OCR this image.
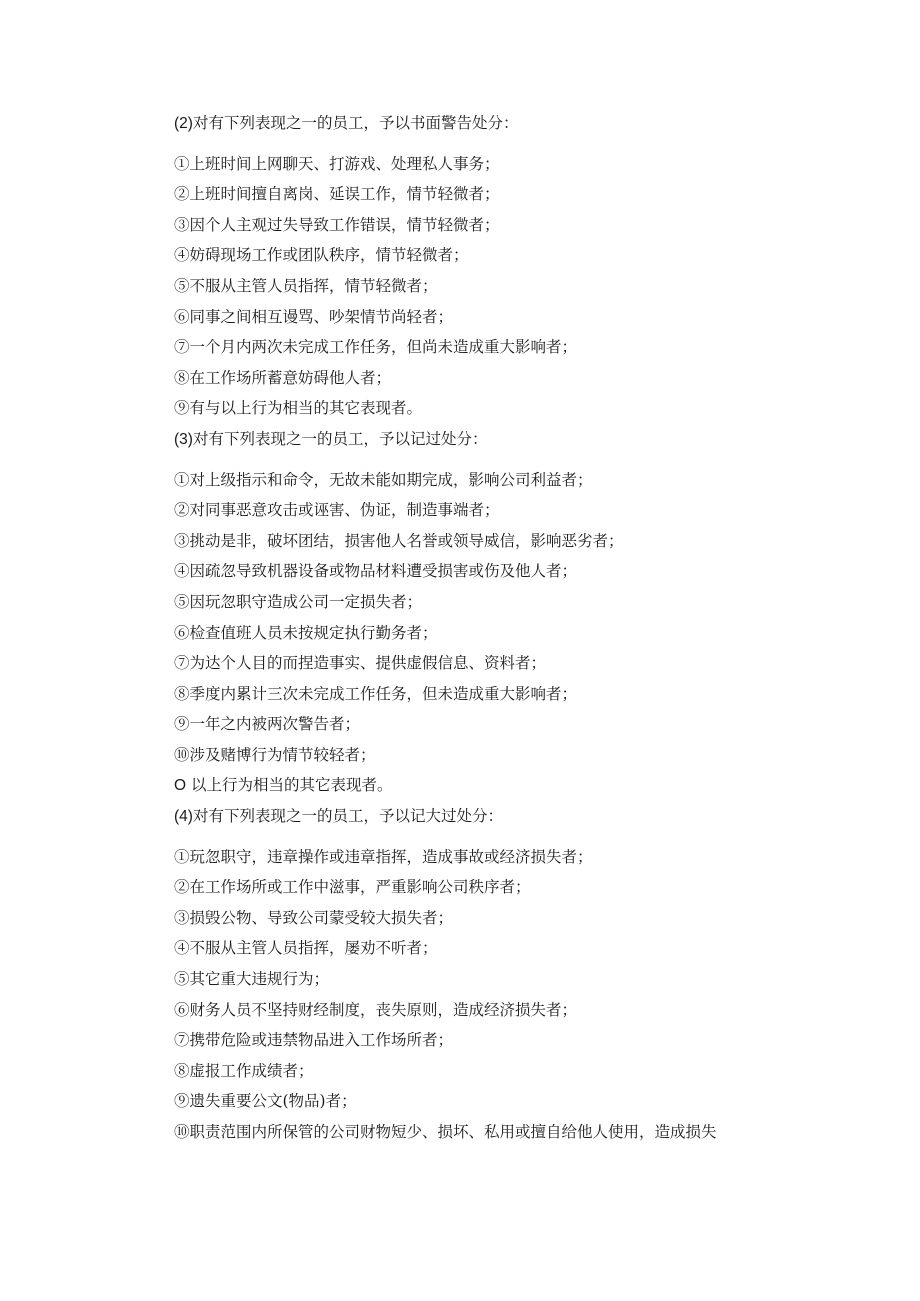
(2)对有下列表现之一的员工，予以书面警告处分：
①上班时间上网聊天、打游戏、处理私人事务；
②上班时间擅自离岗、延误工作，情节轻微者；
③因个人主观过失导致工作错误，情节轻微者；
④妨碍现场工作或团队秩序，情节轻微者；
⑤不服从主管人员指挥，情节轻微者；
⑥同事之间相互谩骂、吵架情节尚轻者；
⑦一个月内两次未完成工作任务，但尚未造成重大影响者；
⑧在工作场所蓄意妨碍他人者；
⑨有与以上行为相当的其它表现者。
(3)对有下列表现之一的员工，予以记过处分：
①对上级指示和命令，无故未能如期完成，影响公司利益者；
②对同事恶意攻击或诬害、伪证，制造事端者；
③挑动是非，破坏团结，损害他人名誉或领导威信，影响恶劣者；
④因疏忽导致机器设备或物品材料遭受损害或伤及他人者；
⑤因玩忽职守造成公司一定损失者；
⑥检查值班人员未按规定执行勤务者；
⑦为达个人目的而捏造事实、提供虚假信息、资料者；
⑧季度内累计三次未完成工作任务，但未造成重大影响者；
⑨一年之内被两次警告者；
⑩涉及赌博行为情节较轻者；
O 以上行为相当的其它表现者。
(4)对有下列表现之一的员工，予以记大过处分：
①玩忽职守，违章操作或违章指挥，造成事故或经济损失者；
②在工作场所或工作中滋事，严重影响公司秩序者；
③损毁公物、导致公司蒙受较大损失者；
④不服从主管人员指挥，屡劝不听者；
⑤其它重大违规行为；
⑥财务人员不坚持财经制度，丧失原则，造成经济损失者；
⑦携带危险或违禁物品进入工作场所者；
⑧虚报工作成绩者；
⑨遗失重要公文(物品)者；
⑩职责范围内所保管的公司财物短少、损坏、私用或擅自给他人使用，造成损失
